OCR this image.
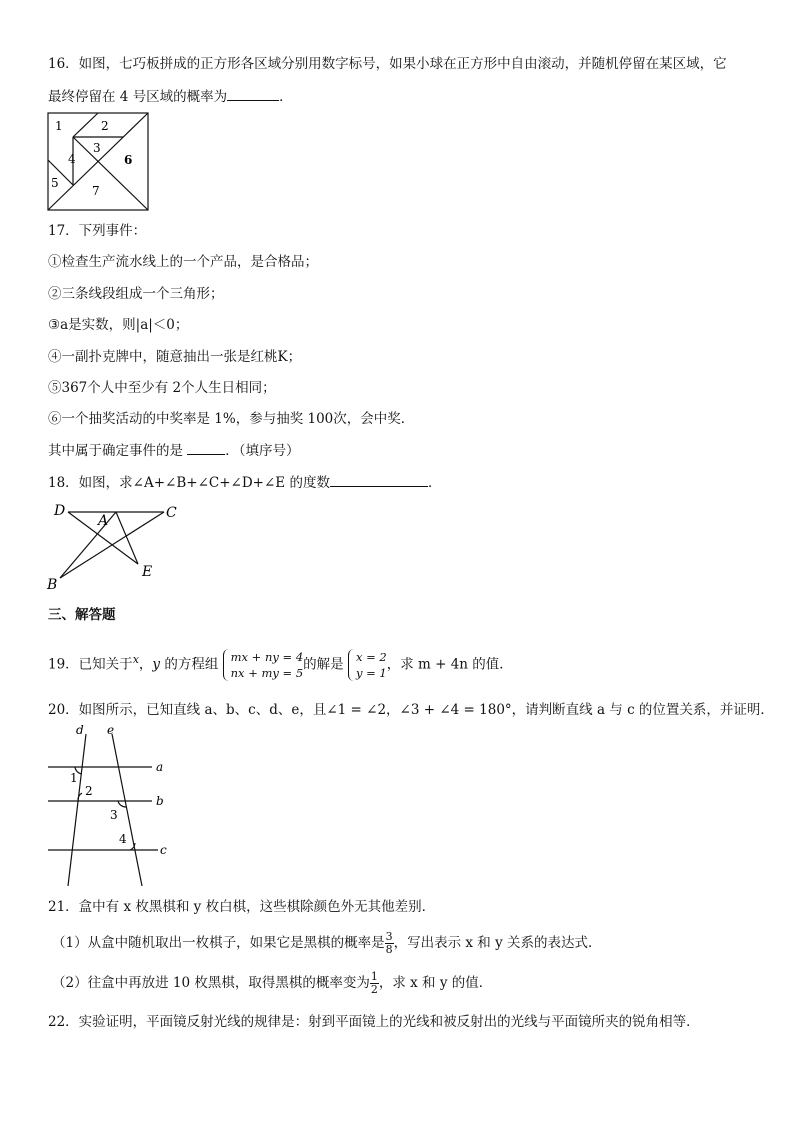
16．如图，七巧板拼成的正方形各区域分别用数字标号，如果小球在正方形中自由滚动，并随机停留在某区域，它
最终停留在 4 号区域的概率为	．
1	2
3
4
5
6
7
17．下列事件：
①检查生产流水线上的一个产品，是合格品；
②三条线段组成一个三角形；
③a是实数，则|a|＜0；
④一副扑克牌中，随意抽出一张是红桃K；
⑤367个人中至少有 2个人生日相同；
⑥一个抽奖活动的中奖率是 1%，参与抽奖 100次，会中奖．
其中属于确定事件的是	．（填序号）
18．如图，求∠A+∠B+∠C+∠D+∠E 的度数	．
D
A	C
B
E
三、解答题
19．已知关于$^x$，y 的方程组 mx + ny = 4
nx + my = 5
的解是 x = 2
y = 1
，求 m + 4n 的值．
20．如图所示，已知直线 a、b、c、d、e，且∠1 = ∠2，∠3 + ∠4 = 180°，请判断直线 a 与 c 的位置关系，并证明．
d e
a
b
c
1
2
3
4
21．盒中有 x 枚黑棋和 y 枚白棋，这些棋除颜色外无其他差别．
（1）从盒中随机取出一枚棋子，如果它是黑棋的概率是 $\frac{3}{8}$ ，写出表示 x 和 y 关系的表达式．
（2）往盒中再放进 10 枚黑棋，取得黑棋的概率变为 $\frac{1}{2}$ ，求 x 和 y 的值．
22．实验证明，平面镜反射光线的规律是：射到平面镜上的光线和被反射出的光线与平面镜所夹的锐角相等．
